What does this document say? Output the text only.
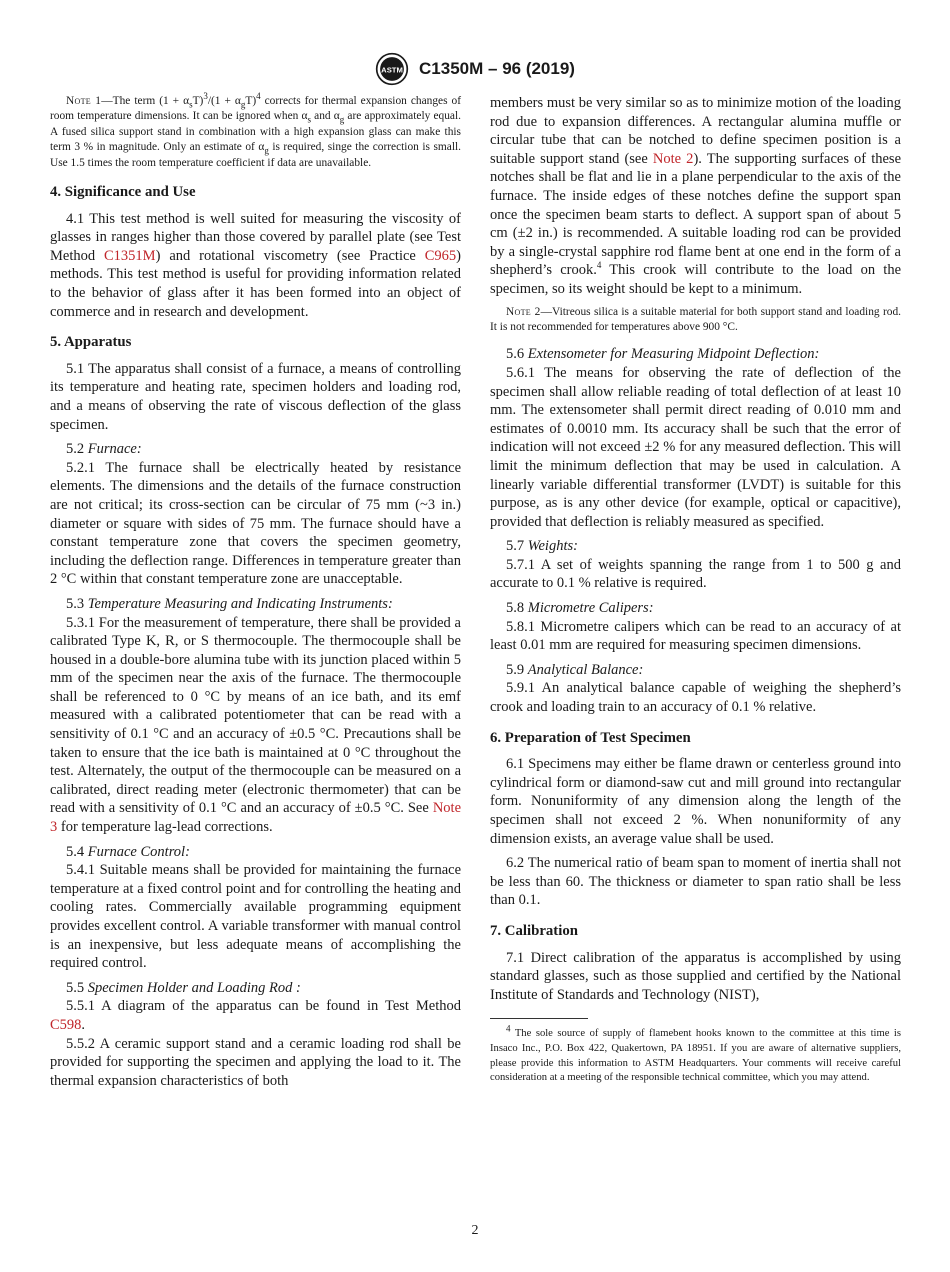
ASTM C1350M – 96 (2019)

Note 1—The term $(1 + \alpha_sT)^3/(1 + \alpha_gT)^4$ corrects for thermal expansion changes of room temperature dimensions. It can be ignored when $\alpha_s$ and $\alpha_g$ are approximately equal. A fused silica support stand in combination with a high expansion glass can make this term 3 % in magnitude. Only an estimate of $\alpha_g$ is required, singe the correction is small. Use 1.5 times the room temperature coefficient if data are unavailable.

4. Significance and Use

4.1 This test method is well suited for measuring the viscosity of glasses in ranges higher than those covered by parallel plate (see Test Method C1351M) and rotational viscometry (see Practice C965) methods. This test method is useful for providing information related to the behavior of glass after it has been formed into an object of commerce and in research and development.

5. Apparatus

5.1 The apparatus shall consist of a furnace, a means of controlling its temperature and heating rate, specimen holders and loading rod, and a means of observing the rate of viscous deflection of the glass specimen.

5.2 Furnace:

5.2.1 The furnace shall be electrically heated by resistance elements. The dimensions and the details of the furnace construction are not critical; its cross-section can be circular of 75 mm (~3 in.) diameter or square with sides of 75 mm. The furnace should have a constant temperature zone that covers the specimen geometry, including the deflection range. Differences in temperature greater than 2 °C within that constant temperature zone are unacceptable.

5.3 Temperature Measuring and Indicating Instruments:

5.3.1 For the measurement of temperature, there shall be provided a calibrated Type K, R, or S thermocouple. The thermocouple shall be housed in a double-bore alumina tube with its junction placed within 5 mm of the specimen near the axis of the furnace. The thermocouple shall be referenced to 0 °C by means of an ice bath, and its emf measured with a calibrated potentiometer that can be read with a sensitivity of 0.1 °C and an accuracy of ±0.5 °C. Precautions shall be taken to ensure that the ice bath is maintained at 0 °C throughout the test. Alternately, the output of the thermocouple can be measured on a calibrated, direct reading meter (electronic thermometer) that can be read with a sensitivity of 0.1 °C and an accuracy of ±0.5 °C. See Note 3 for temperature lag-lead corrections.

5.4 Furnace Control:

5.4.1 Suitable means shall be provided for maintaining the furnace temperature at a fixed control point and for controlling the heating and cooling rates. Commercially available programming equipment provides excellent control. A variable transformer with manual control is an inexpensive, but less adequate means of accomplishing the required control.

5.5 Specimen Holder and Loading Rod :

5.5.1 A diagram of the apparatus can be found in Test Method C598.

5.5.2 A ceramic support stand and a ceramic loading rod shall be provided for supporting the specimen and applying the load to it. The thermal expansion characteristics of both

members must be very similar so as to minimize motion of the loading rod due to expansion differences. A rectangular alumina muffle or circular tube that can be notched to define specimen position is a suitable support stand (see Note 2). The supporting surfaces of these notches shall be flat and lie in a plane perpendicular to the axis of the furnace. The inside edges of these notches define the support span once the specimen beam starts to deflect. A support span of about 5 cm (±2 in.) is recommended. A suitable loading rod can be provided by a single-crystal sapphire rod flame bent at one end in the form of a shepherd’s crook.$^4$ This crook will contribute to the load on the specimen, so its weight should be kept to a minimum.

Note 2—Vitreous silica is a suitable material for both support stand and loading rod. It is not recommended for temperatures above 900 °C.

5.6 Extensometer for Measuring Midpoint Deflection:

5.6.1 The means for observing the rate of deflection of the specimen shall allow reliable reading of total deflection of at least 10 mm. The extensometer shall permit direct reading of 0.010 mm and estimates of 0.0010 mm. Its accuracy shall be such that the error of indication will not exceed ±2 % for any measured deflection. This will limit the minimum deflection that may be used in calculation. A linearly variable differential transformer (LVDT) is suitable for this purpose, as is any other device (for example, optical or capacitive), provided that deflection is reliably measured as specified.

5.7 Weights:

5.7.1 A set of weights spanning the range from 1 to 500 g and accurate to 0.1 % relative is required.

5.8 Micrometre Calipers:

5.8.1 Micrometre calipers which can be read to an accuracy of at least 0.01 mm are required for measuring specimen dimensions.

5.9 Analytical Balance:

5.9.1 An analytical balance capable of weighing the shepherd’s crook and loading train to an accuracy of 0.1 % relative.

6. Preparation of Test Specimen

6.1 Specimens may either be flame drawn or centerless ground into cylindrical form or diamond-saw cut and mill ground into rectangular form. Nonuniformity of any dimension along the length of the specimen shall not exceed 2 %. When nonuniformity of any dimension exists, an average value shall be used.

6.2 The numerical ratio of beam span to moment of inertia shall not be less than 60. The thickness or diameter to span ratio shall be less than 0.1.

7. Calibration

7.1 Direct calibration of the apparatus is accomplished by using standard glasses, such as those supplied and certified by the National Institute of Standards and Technology (NIST),

$^4$ The sole source of supply of flamebent hooks known to the committee at this time is Insaco Inc., P.O. Box 422, Quakertown, PA 18951. If you are aware of alternative suppliers, please provide this information to ASTM Headquarters. Your comments will receive careful consideration at a meeting of the responsible technical committee, which you may attend.

2
